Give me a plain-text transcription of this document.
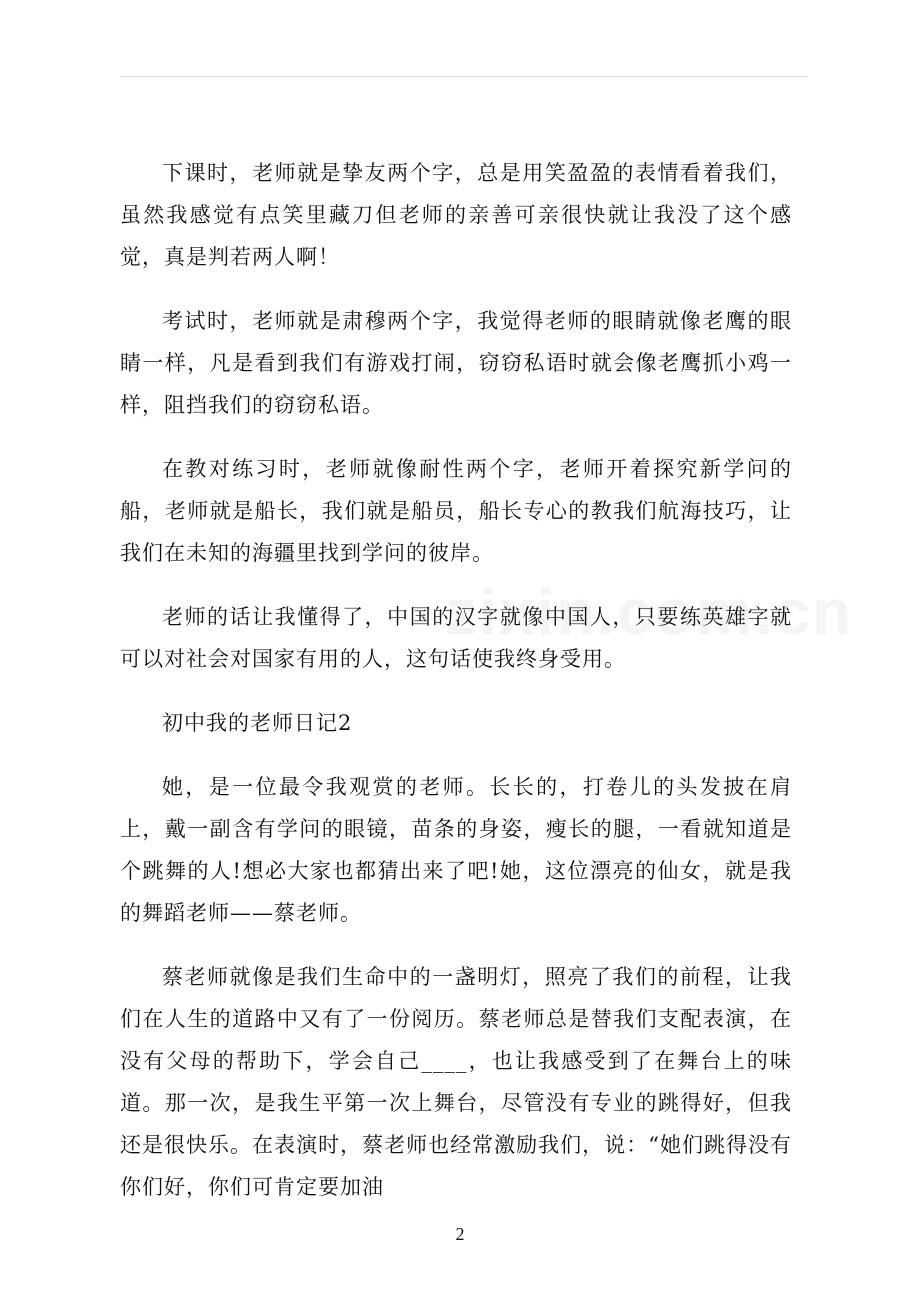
下课时，老师就是挚友两个字，总是用笑盈盈的表情看着我们，虽然我感觉有点笑里藏刀但老师的亲善可亲很快就让我没了这个感觉，真是判若两人啊！

考试时，老师就是肃穆两个字，我觉得老师的眼睛就像老鹰的眼睛一样，凡是看到我们有游戏打闹，窃窃私语时就会像老鹰抓小鸡一样，阻挡我们的窃窃私语。

在教对练习时，老师就像耐性两个字，老师开着探究新学问的船，老师就是船长，我们就是船员，船长专心的教我们航海技巧，让我们在未知的海疆里找到学问的彼岸。

老师的话让我懂得了，中国的汉字就像中国人，只要练英雄字就可以对社会对国家有用的人，这句话使我终身受用。

初中我的老师日记2

她，是一位最令我观赏的老师。长长的，打卷儿的头发披在肩上，戴一副含有学问的眼镜，苗条的身姿，瘦长的腿，一看就知道是个跳舞的人!想必大家也都猜出来了吧!她，这位漂亮的仙女，就是我的舞蹈老师——蔡老师。

蔡老师就像是我们生命中的一盏明灯，照亮了我们的前程，让我们在人生的道路中又有了一份阅历。蔡老师总是替我们支配表演，在没有父母的帮助下，学会自己____，也让我感受到了在舞台上的味道。那一次，是我生平第一次上舞台，尽管没有专业的跳得好，但我还是很快乐。在表演时，蔡老师也经常激励我们，说：“她们跳得没有你们好，你们可肯定要加油

2
